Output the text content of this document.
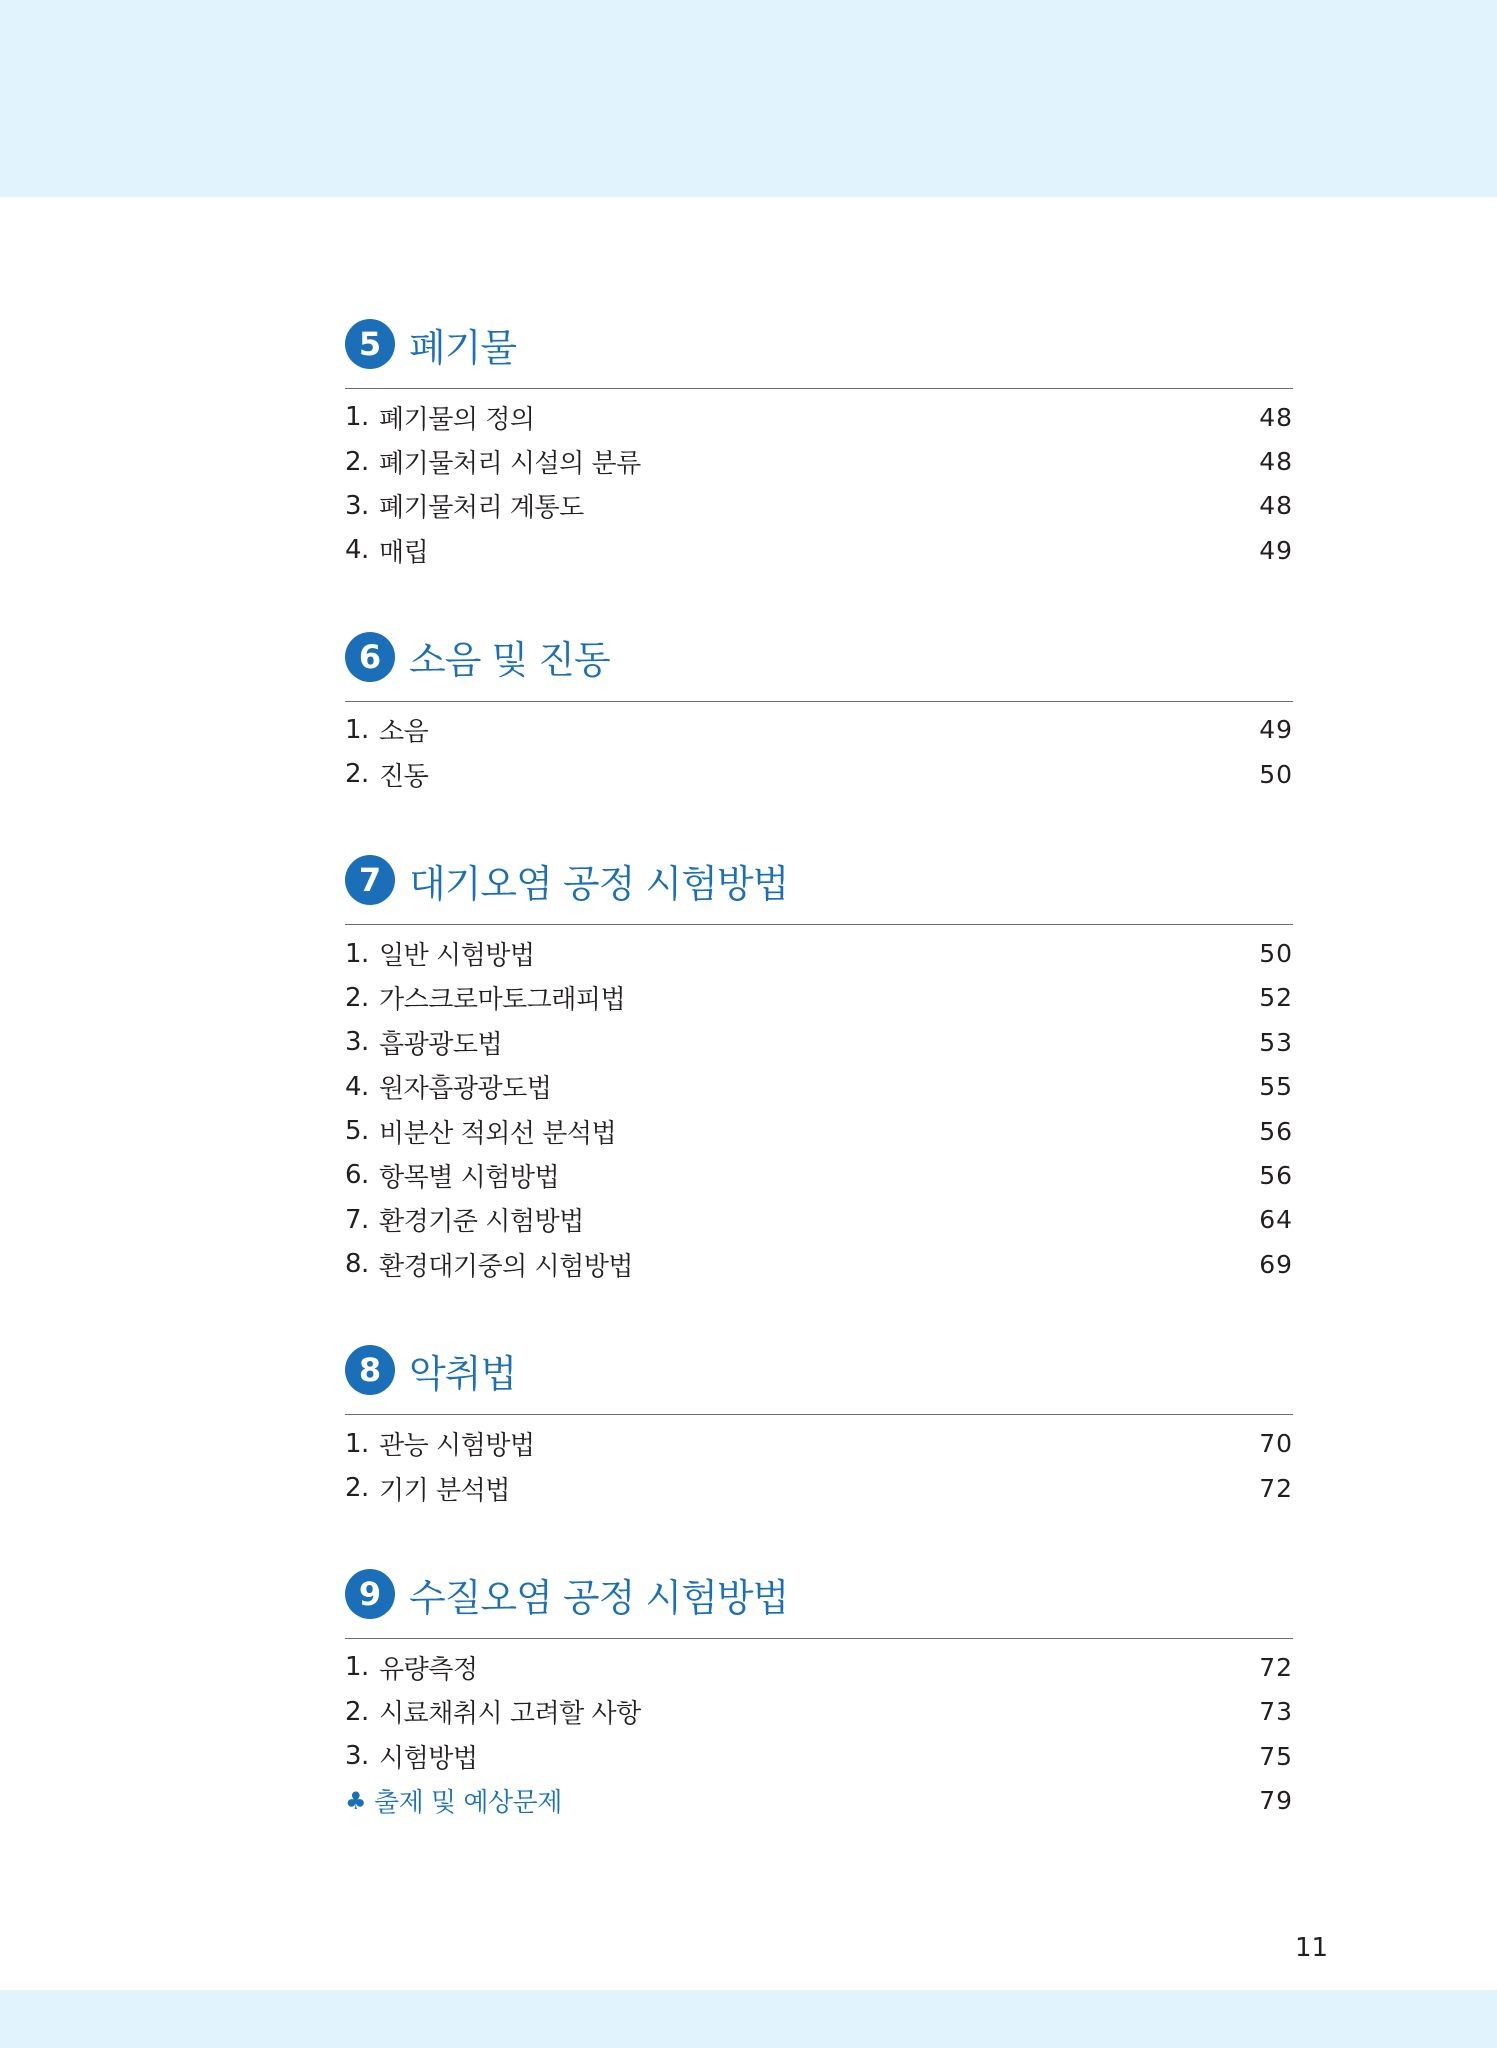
5 폐기물
1. 폐기물의 정의	48
2. 폐기물처리 시설의 분류	48
3. 폐기물처리 계통도	48
4. 매립	49
6 소음 및 진동
1. 소음	49
2. 진동	50
7 대기오염 공정 시험방법
1. 일반 시험방법	50
2. 가스크로마토그래피법	52
3. 흡광광도법	53
4. 원자흡광광도법	55
5. 비분산 적외선 분석법	56
6. 항목별 시험방법	56
7. 환경기준 시험방법	64
8. 환경대기중의 시험방법	69
8 악취법
1. 관능 시험방법	70
2. 기기 분석법	72
9 수질오염 공정 시험방법
1. 유량측정	72
2. 시료채취시 고려할 사항	73
3. 시험방법	75
♣ 출제 및 예상문제	79
11
